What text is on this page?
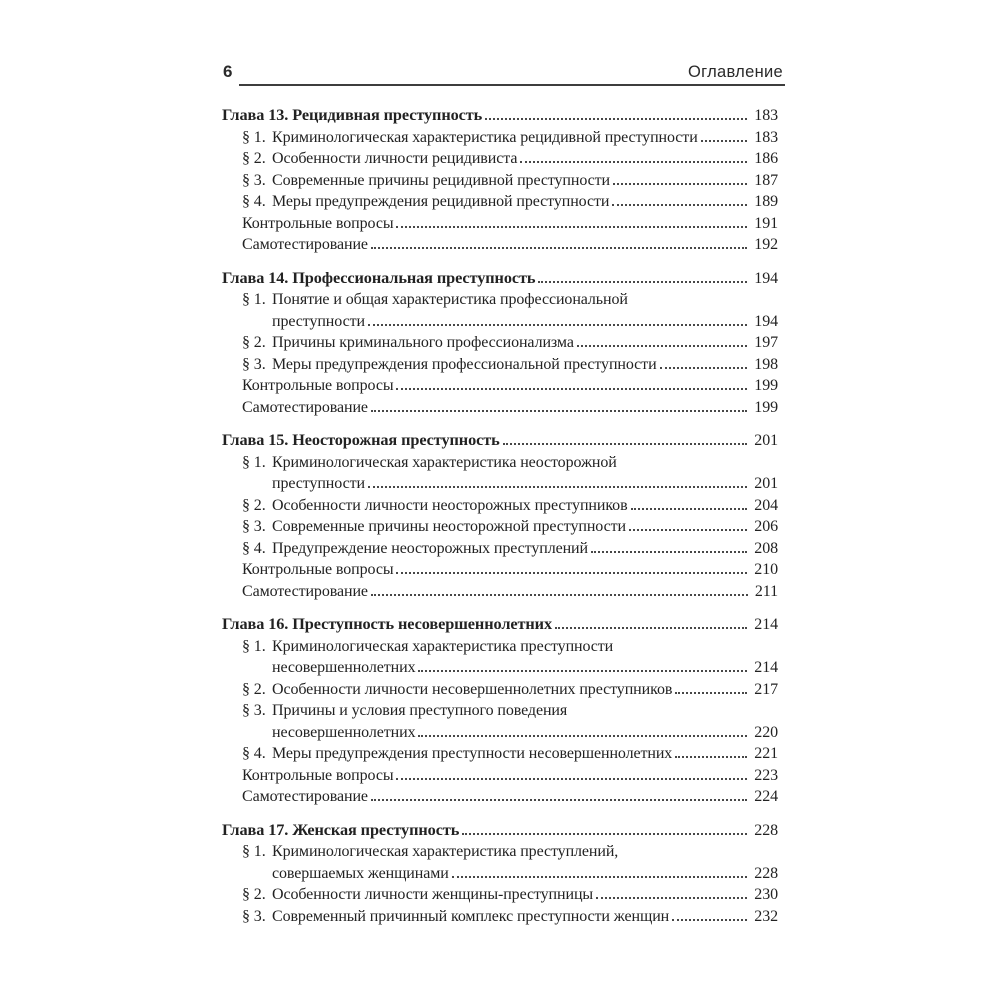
6	Оглавление
Глава 13. Рецидивная преступность	183
§ 1. Криминологическая характеристика рецидивной преступности	183
§ 2. Особенности личности рецидивиста	186
§ 3. Современные причины рецидивной преступности	187
§ 4. Меры предупреждения рецидивной преступности	189
Контрольные вопросы	191
Самотестирование	192
Глава 14. Профессиональная преступность	194
§ 1. Понятие и общая характеристика профессиональной
преступности	194
§ 2. Причины криминального профессионализма	197
§ 3. Меры предупреждения профессиональной преступности	198
Контрольные вопросы	199
Самотестирование	199
Глава 15. Неосторожная преступность	201
§ 1. Криминологическая характеристика неосторожной
преступности	201
§ 2. Особенности личности неосторожных преступников	204
§ 3. Современные причины неосторожной преступности	206
§ 4. Предупреждение неосторожных преступлений	208
Контрольные вопросы	210
Самотестирование	211
Глава 16. Преступность несовершеннолетних	214
§ 1. Криминологическая характеристика преступности
несовершеннолетних	214
§ 2. Особенности личности несовершеннолетних преступников	217
§ 3. Причины и условия преступного поведения
несовершеннолетних	220
§ 4. Меры предупреждения преступности несовершеннолетних	221
Контрольные вопросы	223
Самотестирование	224
Глава 17. Женская преступность	228
§ 1. Криминологическая характеристика преступлений,
совершаемых женщинами	228
§ 2. Особенности личности женщины-преступницы	230
§ 3. Современный причинный комплекс преступности женщин	232
